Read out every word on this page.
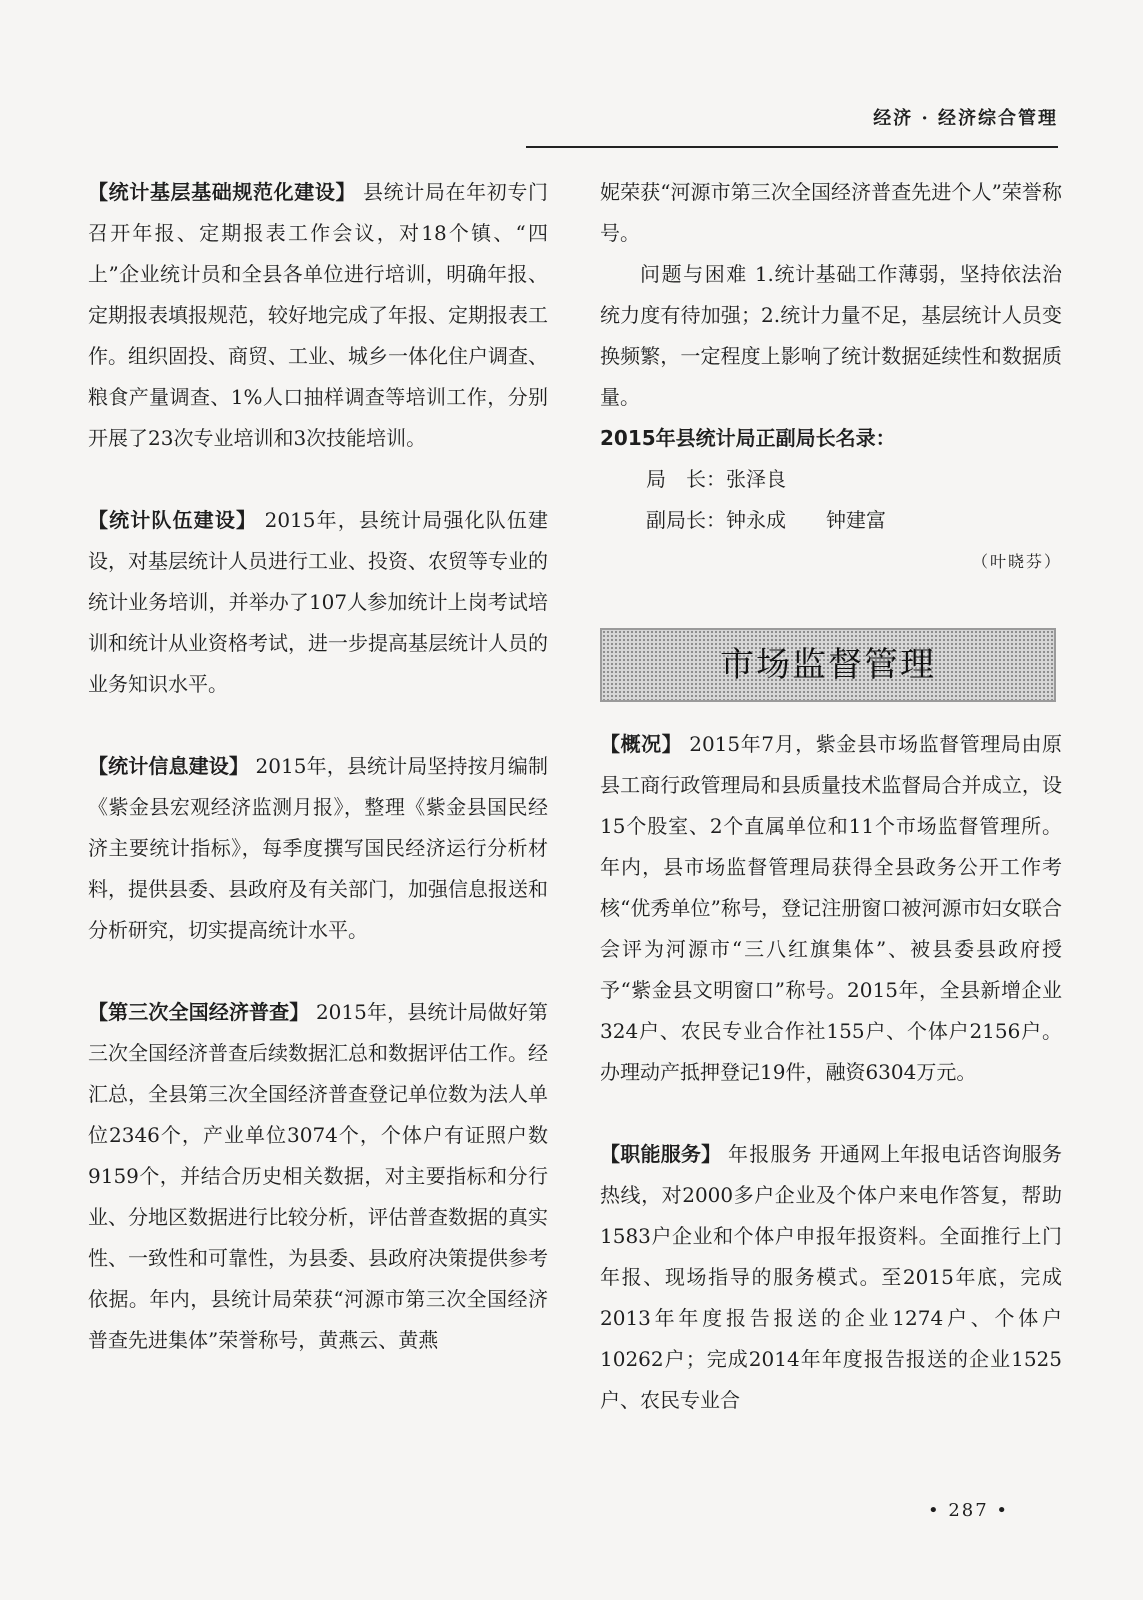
经济 · 经济综合管理

【统计基层基础规范化建设】 县统计局在年初专门召开年报、定期报表工作会议，对18个镇、“四上”企业统计员和全县各单位进行培训，明确年报、定期报表填报规范，较好地完成了年报、定期报表工作。组织固投、商贸、工业、城乡一体化住户调查、粮食产量调查、1%人口抽样调查等培训工作，分别开展了23次专业培训和3次技能培训。

【统计队伍建设】 2015年，县统计局强化队伍建设，对基层统计人员进行工业、投资、农贸等专业的统计业务培训，并举办了107人参加统计上岗考试培训和统计从业资格考试，进一步提高基层统计人员的业务知识水平。

【统计信息建设】 2015年，县统计局坚持按月编制《紫金县宏观经济监测月报》，整理《紫金县国民经济主要统计指标》，每季度撰写国民经济运行分析材料，提供县委、县政府及有关部门，加强信息报送和分析研究，切实提高统计水平。

【第三次全国经济普查】 2015年，县统计局做好第三次全国经济普查后续数据汇总和数据评估工作。经汇总，全县第三次全国经济普查登记单位数为法人单位2346个，产业单位3074个，个体户有证照户数9159个，并结合历史相关数据，对主要指标和分行业、分地区数据进行比较分析，评估普查数据的真实性、一致性和可靠性，为县委、县政府决策提供参考依据。年内，县统计局荣获“河源市第三次全国经济普查先进集体”荣誉称号，黄燕云、黄燕

妮荣获“河源市第三次全国经济普查先进个人”荣誉称号。

问题与困难 1.统计基础工作薄弱，坚持依法治统力度有待加强；2.统计力量不足，基层统计人员变换频繁，一定程度上影响了统计数据延续性和数据质量。

2015年县统计局正副局长名录：

局　长：张泽良

副局长：钟永成 钟建富

（叶晓芬）
市场监督管理

【概况】 2015年7月，紫金县市场监督管理局由原县工商行政管理局和县质量技术监督局合并成立，设15个股室、2个直属单位和11个市场监督管理所。年内，县市场监督管理局获得全县政务公开工作考核“优秀单位”称号，登记注册窗口被河源市妇女联合会评为河源市“三八红旗集体”、被县委县政府授予“紫金县文明窗口”称号。2015年，全县新增企业324户、农民专业合作社155户、个体户2156户。办理动产抵押登记19件，融资6304万元。

【职能服务】 年报服务 开通网上年报电话咨询服务热线，对2000多户企业及个体户来电作答复，帮助1583户企业和个体户申报年报资料。全面推行上门年报、现场指导的服务模式。至2015年底，完成2013年年度报告报送的企业1274户、个体户10262户；完成2014年年度报告报送的企业1525户、农民专业合

• 287 •
